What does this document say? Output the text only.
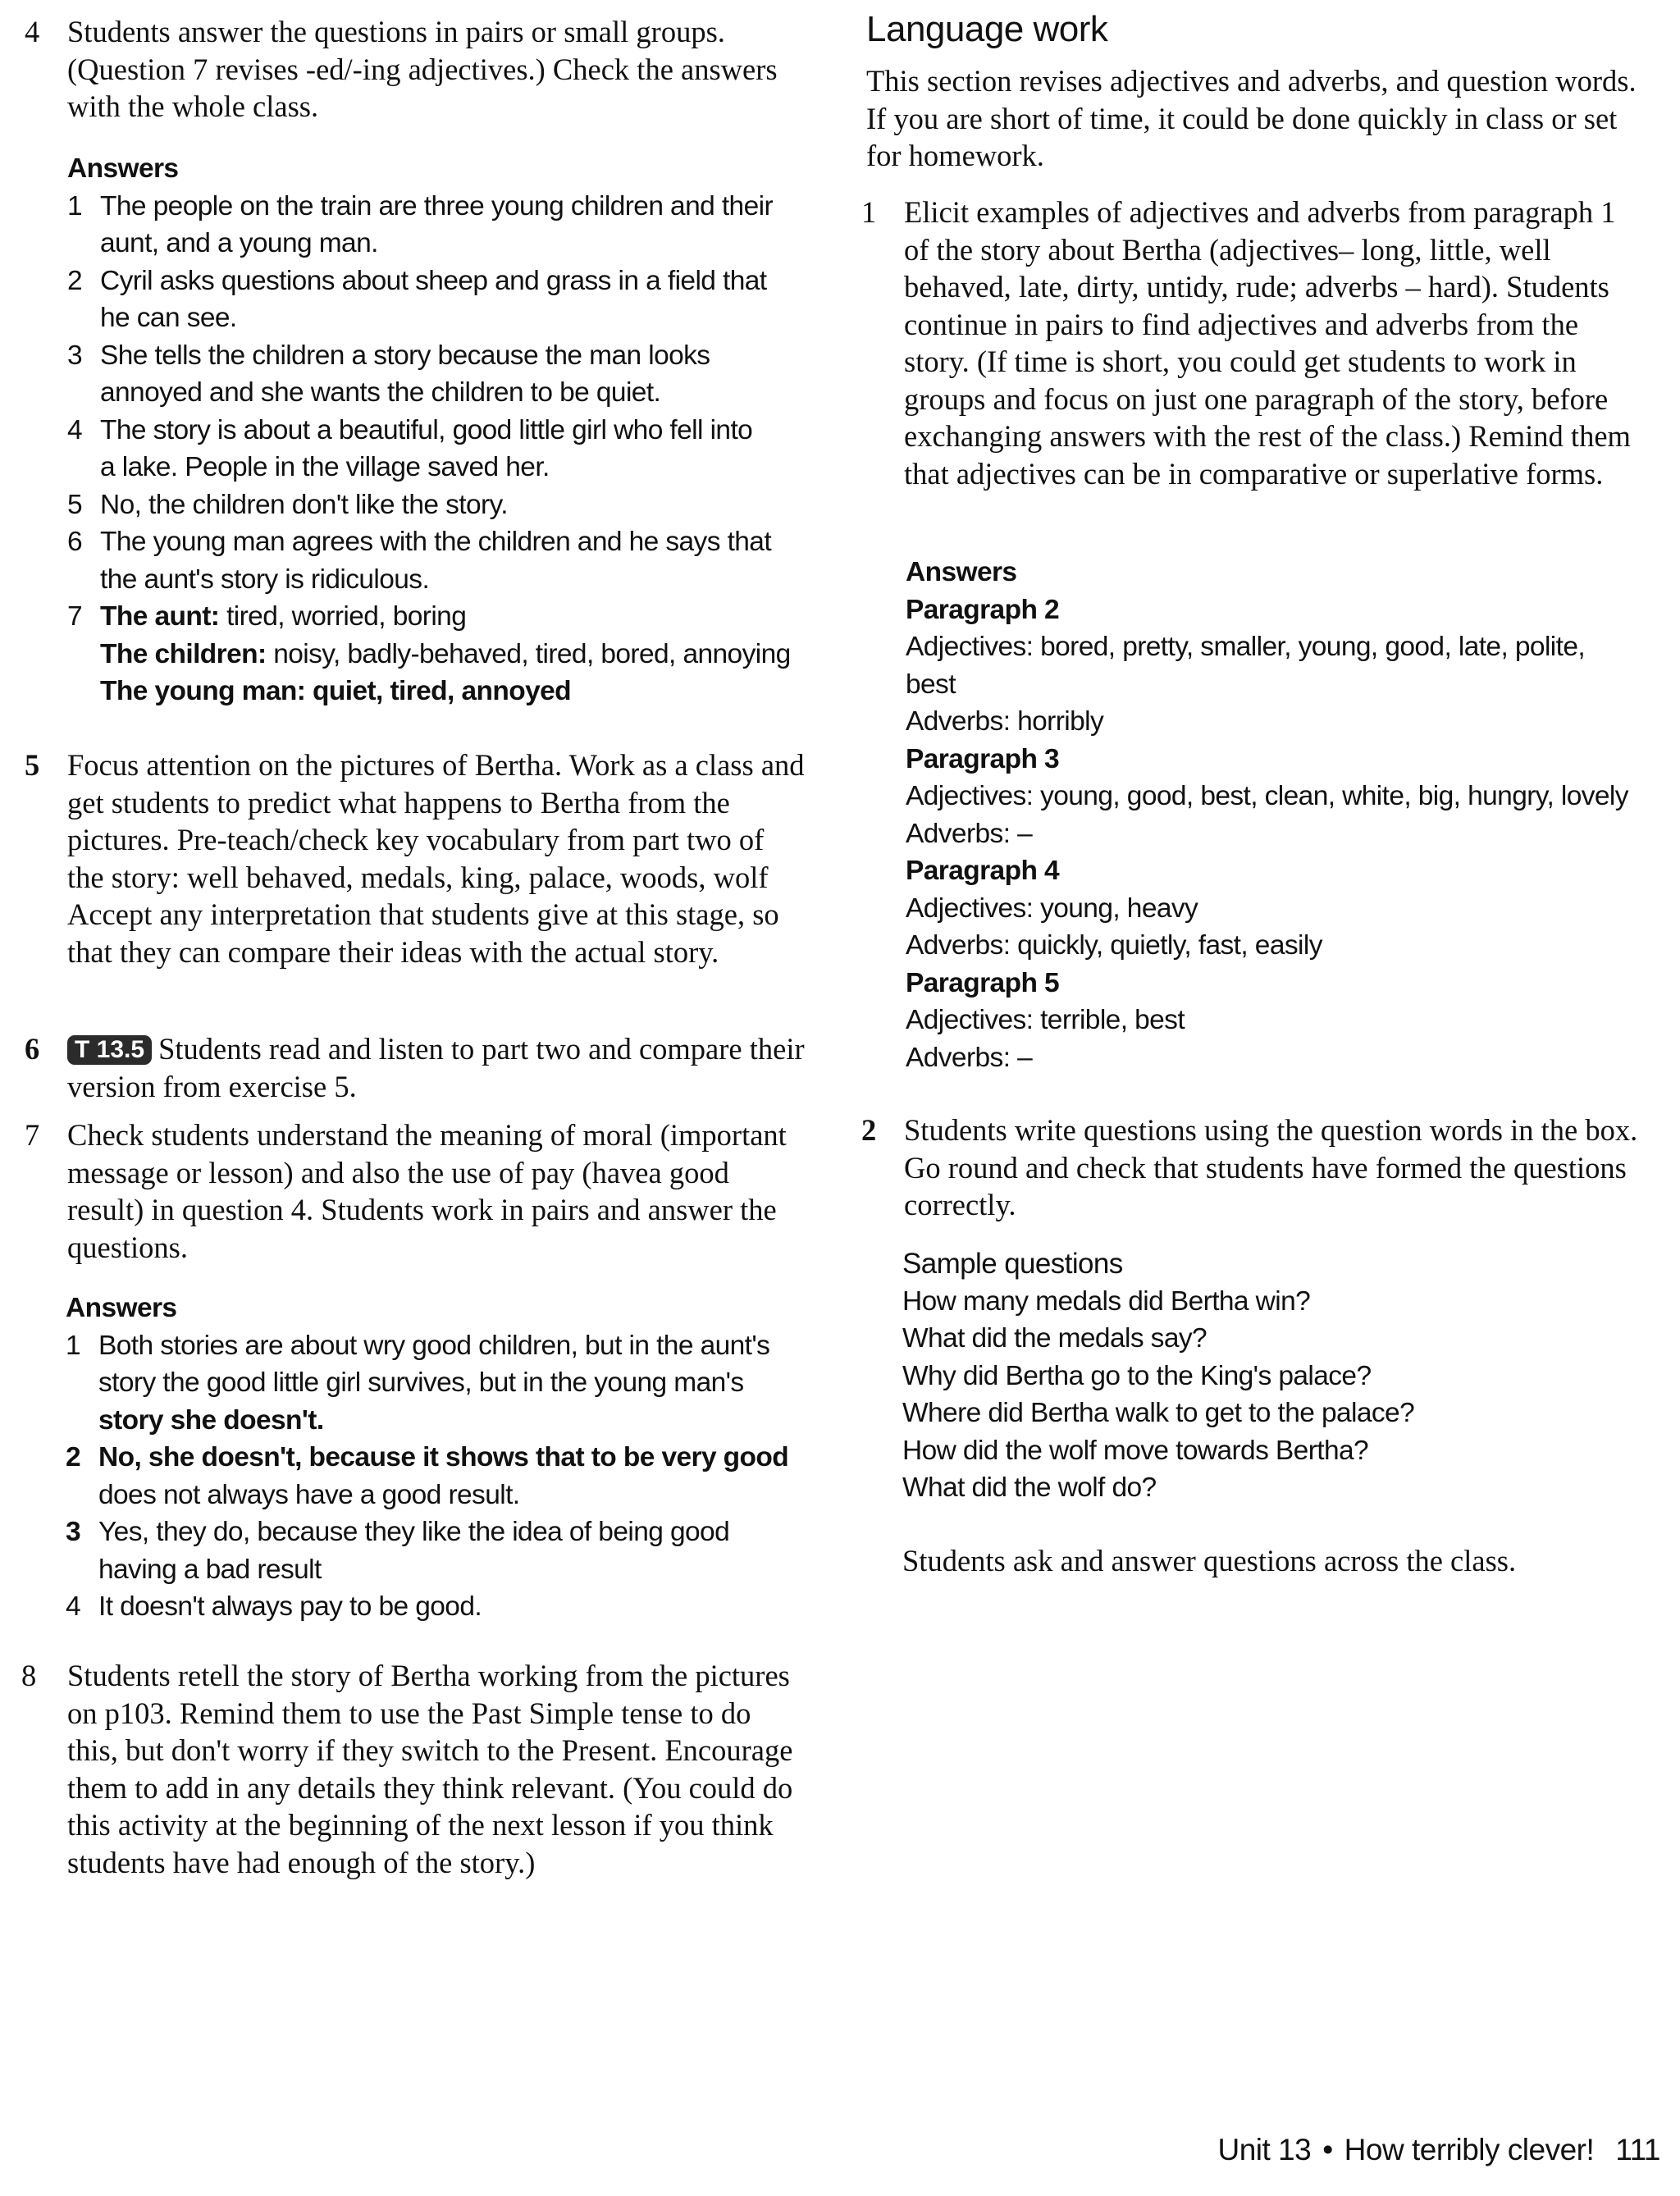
4 Students answer the questions in pairs or small groups. (Question 7 revises -ed/-ing adjectives.) Check the answers with the whole class.
Answers
1 The people on the train are three young children and their
aunt, and a young man.
2 Cyril asks questions about sheep and grass in a field that
he can see.
3 She tells the children a story because the man looks
annoyed and she wants the children to be quiet.
4 The story is about a beautiful, good little girl who fell into
a lake. People in the village saved her.
5 No, the children don't like the story.
6 The young man agrees with the children and he says that
the aunt's story is ridiculous.
7 The aunt: tired, worried, boring
The children: noisy, badly-behaved, tired, bored, annoying
The young man: quiet, tired, annoyed
5 Focus attention on the pictures of Bertha. Work as a class and get students to predict what happens to Bertha from the pictures. Pre-teach/check key vocabulary from part two of the story: well behaved, medals, king, palace, woods, wolf Accept any interpretation that students give at this stage, so that they can compare their ideas with the actual story.
6 T 13.5 Students read and listen to part two and compare their version from exercise 5.
7 Check students understand the meaning of moral (important message or lesson) and also the use of pay (havea good result) in question 4. Students work in pairs and answer the questions.
Answers
1 Both stories are about wry good children, but in the aunt's
story the good little girl survives, but in the young man's
story she doesn't.
2 No, she doesn't, because it shows that to be very good
does not always have a good result.
3 Yes, they do, because they like the idea of being good
having a bad result
4 It doesn't always pay to be good.
8 Students retell the story of Bertha working from the pictures on p103. Remind them to use the Past Simple tense to do this, but don't worry if they switch to the Present. Encourage them to add in any details they think relevant. (You could do this activity at the beginning of the next lesson if you think students have had enough of the story.)
Language work
This section revises adjectives and adverbs, and question words. If you are short of time, it could be done quickly in class or set for homework.
1 Elicit examples of adjectives and adverbs from paragraph 1 of the story about Bertha (adjectives– long, little, well behaved, late, dirty, untidy, rude; adverbs – hard). Students continue in pairs to find adjectives and adverbs from the story. (If time is short, you could get students to work in groups and focus on just one paragraph of the story, before exchanging answers with the rest of the class.) Remind them that adjectives can be in comparative or superlative forms.
Answers
Paragraph 2
Adjectives: bored, pretty, smaller, young, good, late, polite,
best
Adverbs: horribly
Paragraph 3
Adjectives: young, good, best, clean, white, big, hungry, lovely
Adverbs: –
Paragraph 4
Adjectives: young, heavy
Adverbs: quickly, quietly, fast, easily
Paragraph 5
Adjectives: terrible, best
Adverbs: –
2 Students write questions using the question words in the box. Go round and check that students have formed the questions correctly.
Sample questions
How many medals did Bertha win?
What did the medals say?
Why did Bertha go to the King's palace?
Where did Bertha walk to get to the palace?
How did the wolf move towards Bertha?
What did the wolf do?
Students ask and answer questions across the class.
Unit 13 • How terribly clever! 111
